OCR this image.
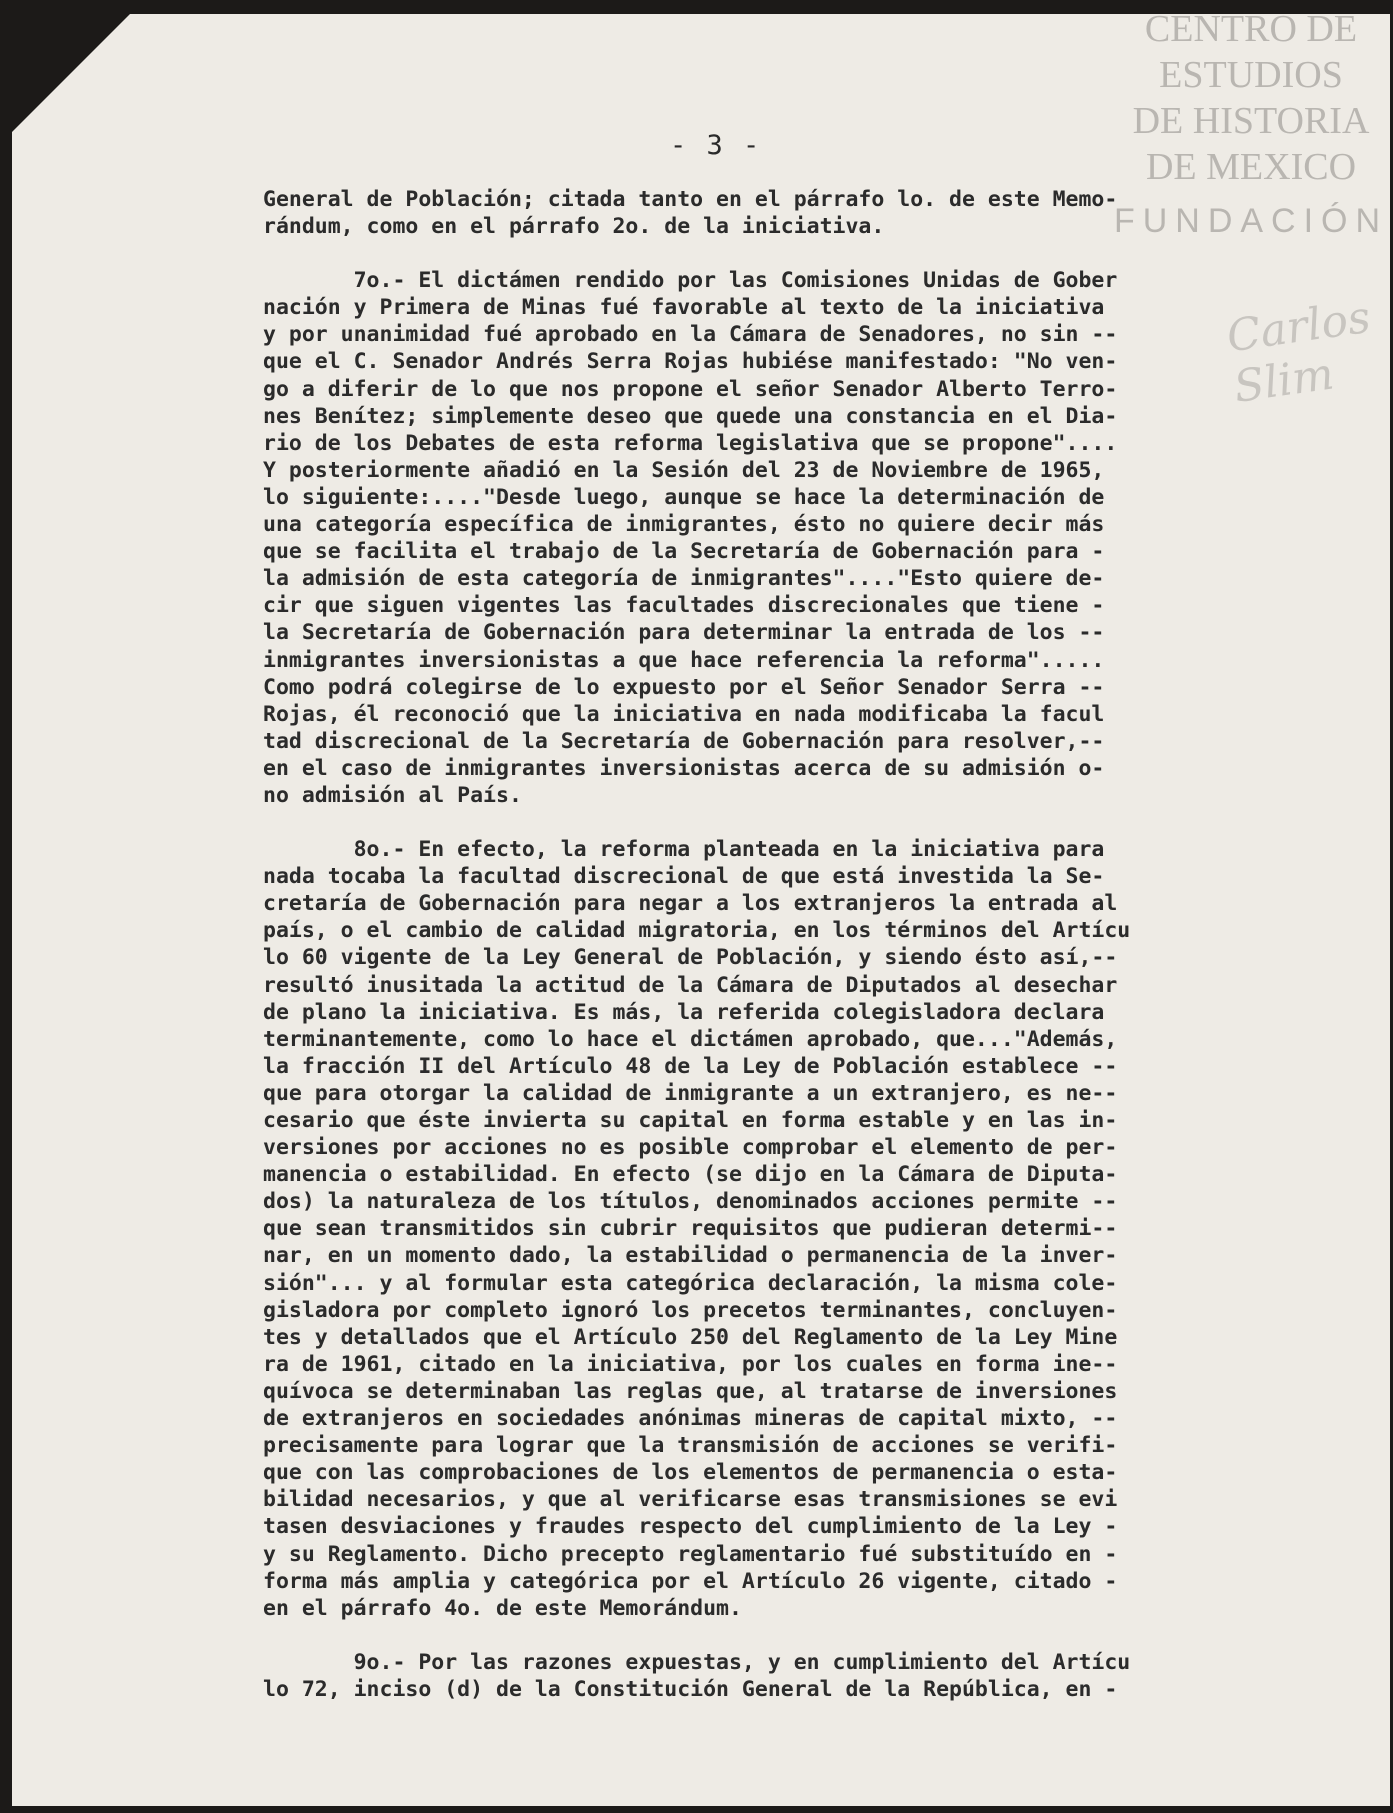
CENTRO DE
ESTUDIOS
DE HISTORIA
DE MEXICO
FUNDACIÓN
Carlos Slim
- 3 -

General de Población; citada tanto en el párrafo lo. de este Memo-

rándum, como en el párrafo 2o. de la iniciativa.

7o.- El dictámen rendido por las Comisiones Unidas de Gober

nación y Primera de Minas fué favorable al texto de la iniciativa

y por unanimidad fué aprobado en la Cámara de Senadores, no sin --

que el C. Senador Andrés Serra Rojas hubiése manifestado: "No ven-

go a diferir de lo que nos propone el señor Senador Alberto Terro-

nes Benítez; simplemente deseo que quede una constancia en el Dia-

rio de los Debates de esta reforma legislativa que se propone"....

Y posteriormente añadió en la Sesión del 23 de Noviembre de 1965,

lo siguiente:...."Desde luego, aunque se hace la determinación de

una categoría específica de inmigrantes, ésto no quiere decir más

que se facilita el trabajo de la Secretaría de Gobernación para -

la admisión de esta categoría de inmigrantes"...."Esto quiere de-

cir que siguen vigentes las facultades discrecionales que tiene -

la Secretaría de Gobernación para determinar la entrada de los --

inmigrantes inversionistas a que hace referencia la reforma".....

Como podrá colegirse de lo expuesto por el Señor Senador Serra --

Rojas, él reconoció que la iniciativa en nada modificaba la facul

tad discrecional de la Secretaría de Gobernación para resolver,--

en el caso de inmigrantes inversionistas acerca de su admisión o-

no admisión al País.

8o.- En efecto, la reforma planteada en la iniciativa para

nada tocaba la facultad discrecional de que está investida la Se-

cretaría de Gobernación para negar a los extranjeros la entrada al

país, o el cambio de calidad migratoria, en los términos del Artícu

lo 60 vigente de la Ley General de Población, y siendo ésto así,--

resultó inusitada la actitud de la Cámara de Diputados al desechar

de plano la iniciativa. Es más, la referida colegisladora declara

terminantemente, como lo hace el dictámen aprobado, que..."Además,

la fracción II del Artículo 48 de la Ley de Población establece --

que para otorgar la calidad de inmigrante a un extranjero, es ne--

cesario que éste invierta su capital en forma estable y en las in-

versiones por acciones no es posible comprobar el elemento de per-

manencia o estabilidad. En efecto (se dijo en la Cámara de Diputa-

dos) la naturaleza de los títulos, denominados acciones permite --

que sean transmitidos sin cubrir requisitos que pudieran determi--

nar, en un momento dado, la estabilidad o permanencia de la inver-

sión"... y al formular esta categórica declaración, la misma cole-

gisladora por completo ignoró los precetos terminantes, concluyen-

tes y detallados que el Artículo 250 del Reglamento de la Ley Mine

ra de 1961, citado en la iniciativa, por los cuales en forma ine--

quívoca se determinaban las reglas que, al tratarse de inversiones

de extranjeros en sociedades anónimas mineras de capital mixto, --

precisamente para lograr que la transmisión de acciones se verifi-

que con las comprobaciones de los elementos de permanencia o esta-

bilidad necesarios, y que al verificarse esas transmisiones se evi

tasen desviaciones y fraudes respecto del cumplimiento de la Ley -

y su Reglamento. Dicho precepto reglamentario fué substituído en -

forma más amplia y categórica por el Artículo 26 vigente, citado -

en el párrafo 4o. de este Memorándum.

9o.- Por las razones expuestas, y en cumplimiento del Artícu

lo 72, inciso (d) de la Constitución General de la República, en -
